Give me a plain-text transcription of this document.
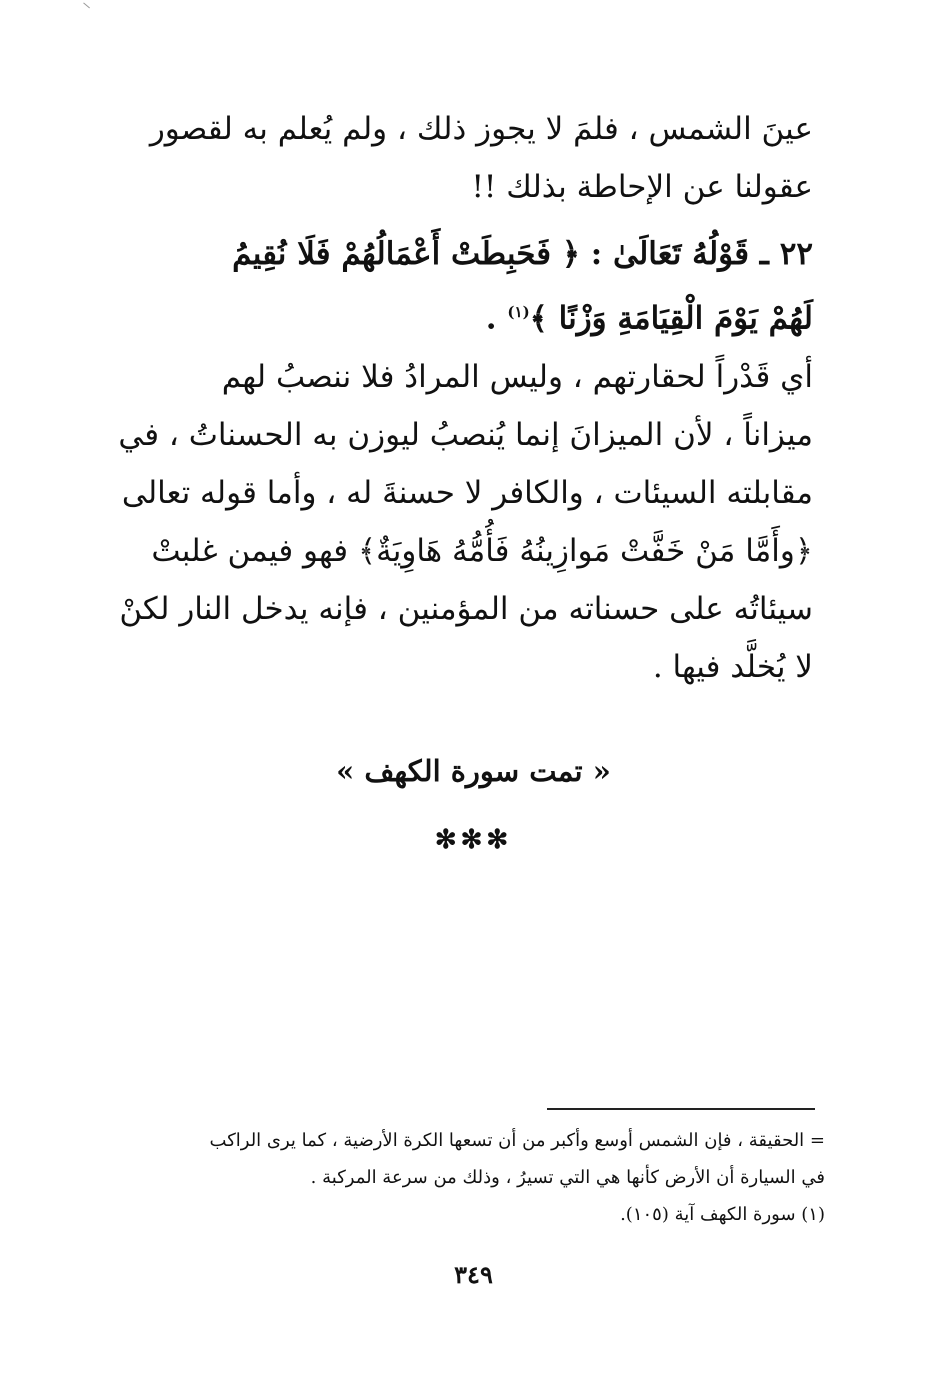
عينَ الشمس ، فلمَ لا يجوز ذلك ، ولم يُعلم به لقصور
عقولنا عن الإحاطة بذلك !!
٢٢ ـ قَوْلُهُ تَعَالَىٰ : ﴿ فَحَبِطَتْ أَعْمَالُهُمْ فَلَا نُقِيمُ
لَهُمْ يَوْمَ الْقِيَامَةِ وَزْنًا ﴾$^{(١)}$ .
أي قَدْراً لحقارتهم ، وليس المرادُ فلا ننصبُ لهم
ميزاناً ، لأن الميزانَ إنما يُنصبُ ليوزن به الحسناتُ ، في
مقابلته السيئات ، والكافر لا حسنةَ له ، وأما قوله تعالى
﴿وأَمَّا مَنْ خَفَّتْ مَوازِينُهُ فَأُمُّهُ هَاوِيَةٌ﴾ فهو فيمن غلبتْ
سيئاتُه على حسناته من المؤمنين ، فإنه يدخل النار لكنْ
لا يُخلَّد فيها .
« تمت سورة الكهف »
✻✻✻
= الحقيقة ، فإن الشمس أوسع وأكبر من أن تسعها الكرة الأرضية ، كما يرى الراكب
في السيارة أن الأرض كأنها هي التي تسيرُ ، وذلك من سرعة المركبة .
(١) سورة الكهف آية (١٠٥).
٣٤٩
